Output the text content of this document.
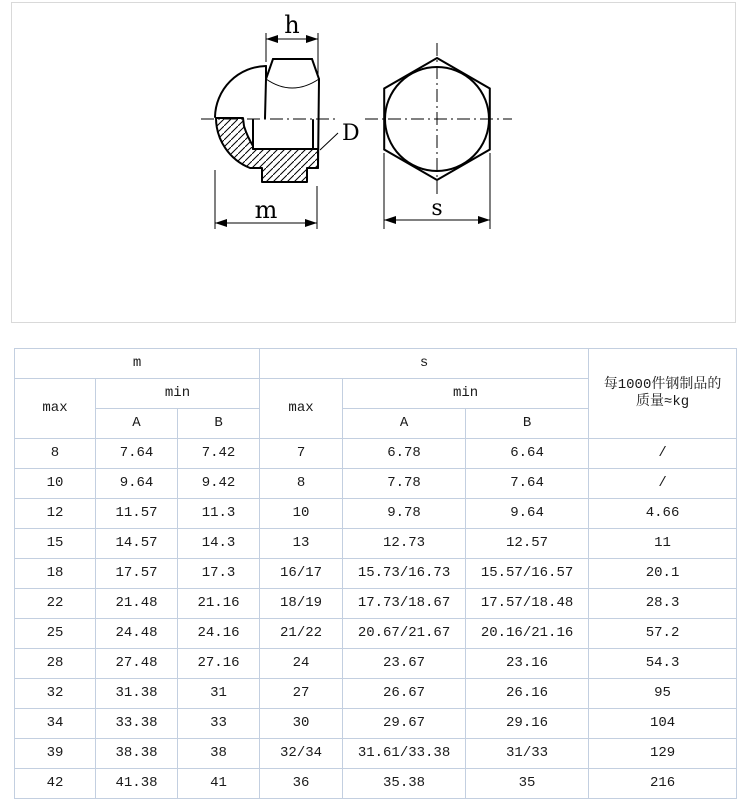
h
D
m	s
m			s			每1000件钢制品的
质量≈kg
max	min		max	min		
	A	B		A	B	
8	7.64	7.42	7	6.78	6.64	/
10	9.64	9.42	8	7.78	7.64	/
12	11.57	11.3	10	9.78	9.64	4.66
15	14.57	14.3	13	12.73	12.57	11
18	17.57	17.3	16/17	15.73/16.73	15.57/16.57	20.1
22	21.48	21.16	18/19	17.73/18.67	17.57/18.48	28.3
25	24.48	24.16	21/22	20.67/21.67	20.16/21.16	57.2
28	27.48	27.16	24	23.67	23.16	54.3
32	31.38	31	27	26.67	26.16	95
34	33.38	33	30	29.67	29.16	104
39	38.38	38	32/34	31.61/33.38	31/33	129
42	41.38	41	36	35.38	35	216
